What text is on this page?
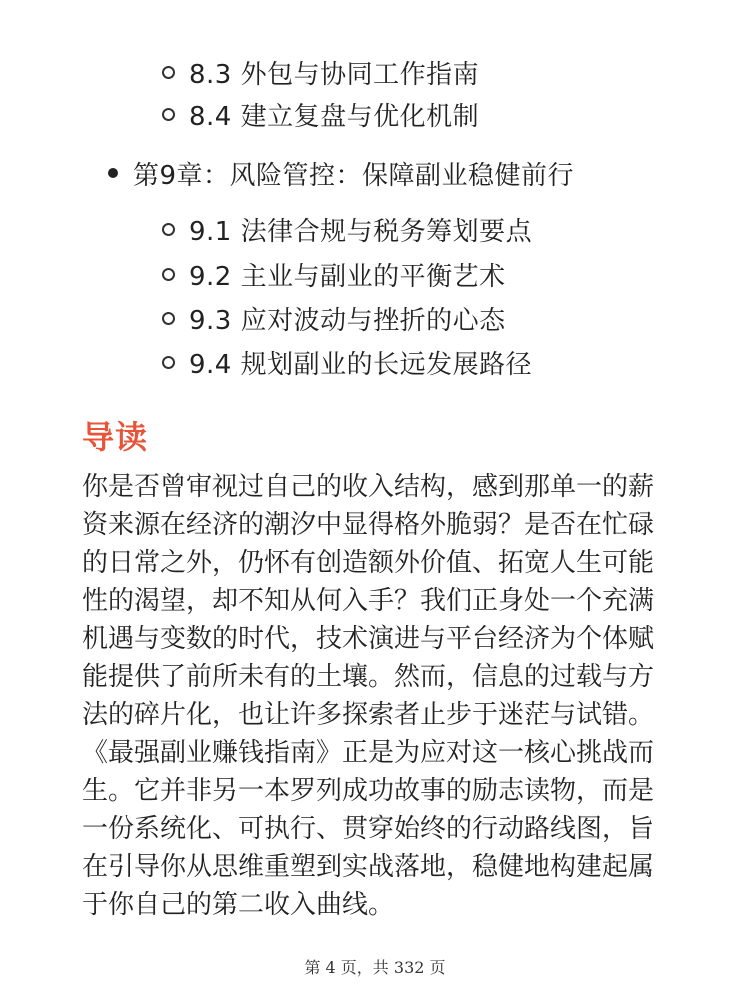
8.3 外包与协同工作指南
8.4 建立复盘与优化机制
第9章：风险管控：保障副业稳健前行
9.1 法律合规与税务筹划要点
9.2 主业与副业的平衡艺术
9.3 应对波动与挫折的心态
9.4 规划副业的长远发展路径
导读

你是否曾审视过自己的收入结构，感到那单一的薪
资来源在经济的潮汐中显得格外脆弱？是否在忙碌
的日常之外，仍怀有创造额外价值、拓宽人生可能
性的渴望，却不知从何入手？我们正身处一个充满
机遇与变数的时代，技术演进与平台经济为个体赋
能提供了前所未有的土壤。然而，信息的过载与方
法的碎片化，也让许多探索者止步于迷茫与试错。
《最强副业赚钱指南》正是为应对这一核心挑战而
生。它并非另一本罗列成功故事的励志读物，而是
一份系统化、可执行、贯穿始终的行动路线图，旨
在引导你从思维重塑到实战落地，稳健地构建起属
于你自己的第二收入曲线。

第 4 页，共 332 页
